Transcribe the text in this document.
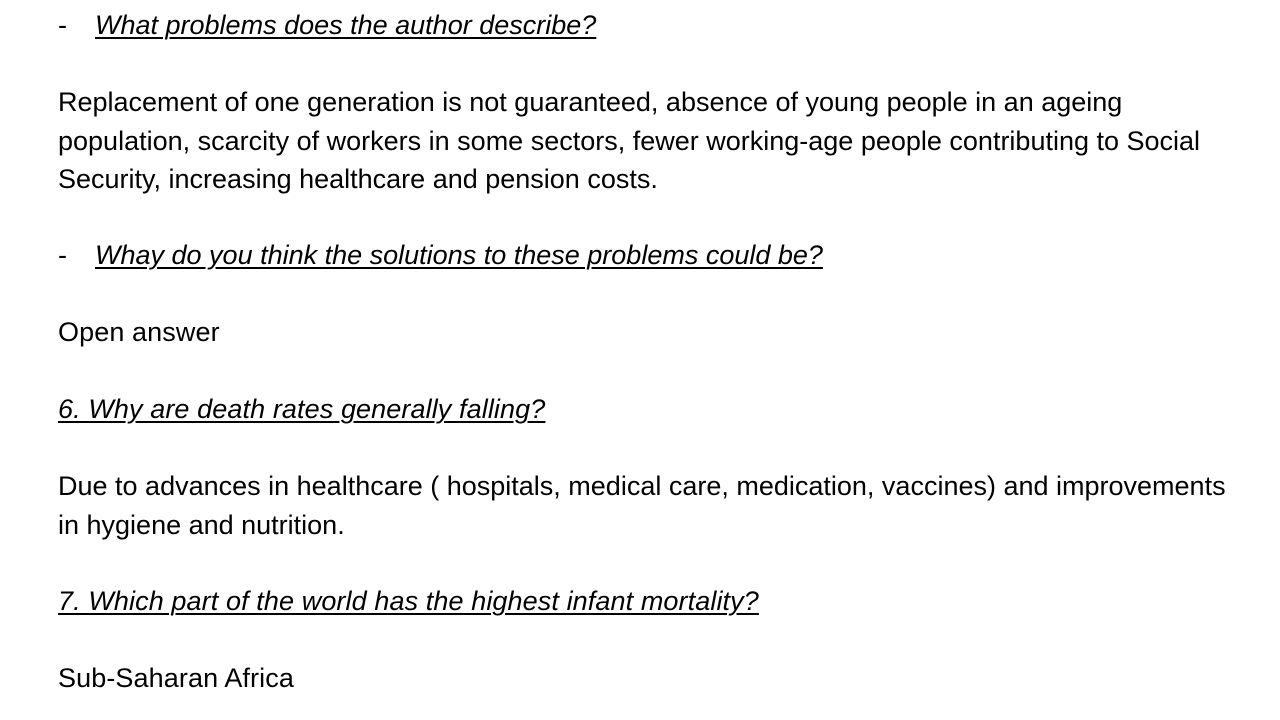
- What problems does the author describe?
Replacement of one generation is not guaranteed, absence of young people in an ageing population, scarcity of workers in some sectors, fewer working-age people contributing to Social Security, increasing healthcare and pension costs.
- Whay do you think the solutions to these problems could be?
Open answer
6. Why are death rates generally falling?
Due to advances in healthcare ( hospitals, medical care, medication, vaccines) and improvements in hygiene and nutrition.
7. Which part of the world has the highest infant mortality?
Sub-Saharan Africa
